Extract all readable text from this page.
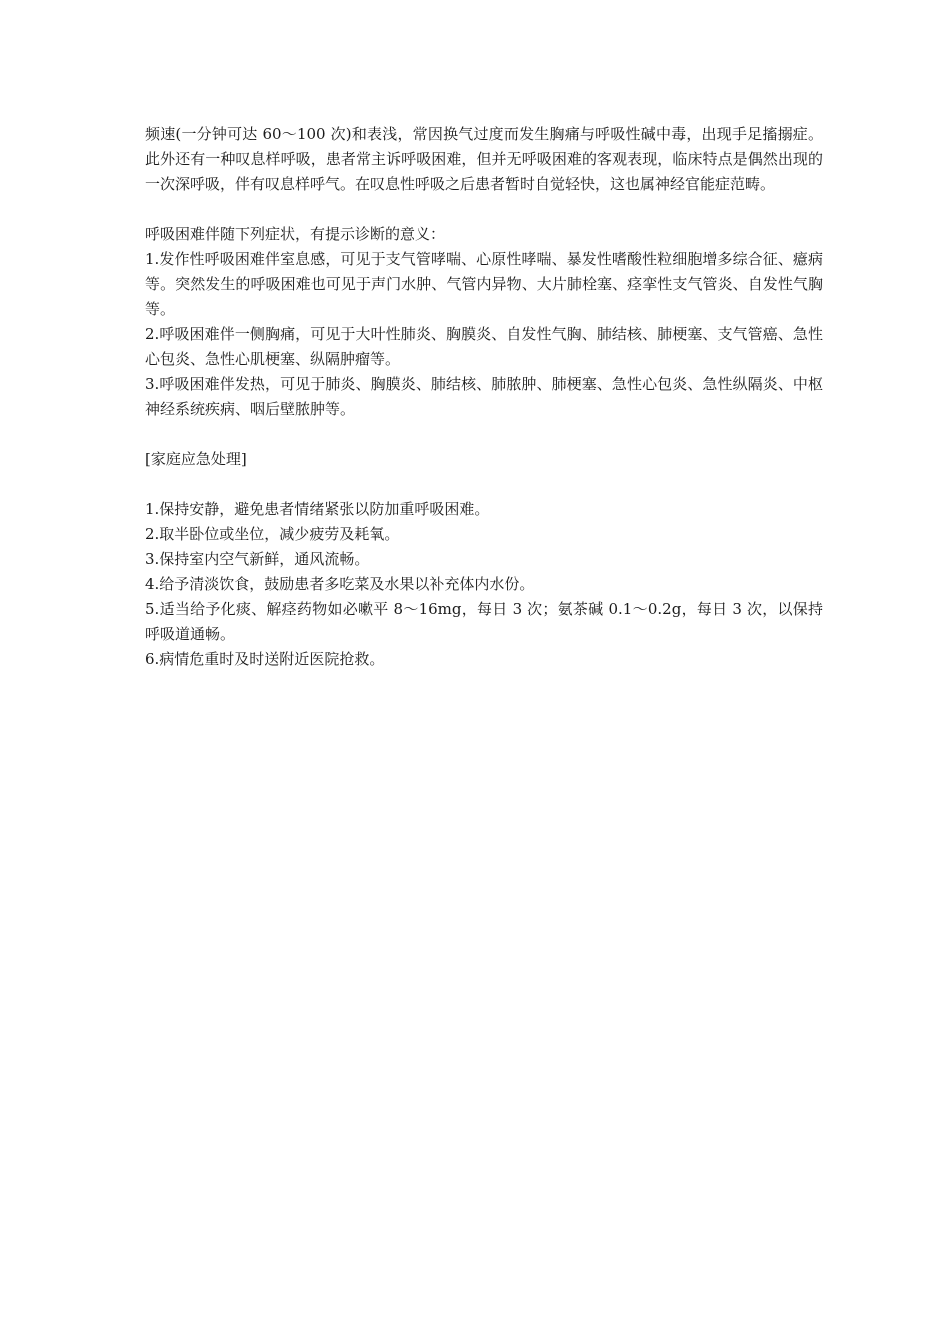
频速(一分钟可达 60～100 次)和表浅，常因换气过度而发生胸痛与呼吸性碱中毒，出现手足搐搦症。此外还有一种叹息样呼吸，患者常主诉呼吸困难，但并无呼吸困难的客观表现，临床特点是偶然出现的一次深呼吸，伴有叹息样呼气。在叹息性呼吸之后患者暂时自觉轻快，这也属神经官能症范畴。

呼吸困难伴随下列症状，有提示诊断的意义：

1.发作性呼吸困难伴室息感，可见于支气管哮喘、心原性哮喘、暴发性嗜酸性粒细胞增多综合征、癔病等。突然发生的呼吸困难也可见于声门水肿、气管内异物、大片肺栓塞、痉挛性支气管炎、自发性气胸等。

2.呼吸困难伴一侧胸痛，可见于大叶性肺炎、胸膜炎、自发性气胸、肺结核、肺梗塞、支气管癌、急性心包炎、急性心肌梗塞、纵隔肿瘤等。

3.呼吸困难伴发热，可见于肺炎、胸膜炎、肺结核、肺脓肿、肺梗塞、急性心包炎、急性纵隔炎、中枢神经系统疾病、咽后壁脓肿等。

[家庭应急处理]

1.保持安静，避免患者情绪紧张以防加重呼吸困难。

2.取半卧位或坐位，减少疲劳及耗氧。

3.保持室内空气新鲜，通风流畅。

4.给予清淡饮食，鼓励患者多吃菜及水果以补充体内水份。

5.适当给予化痰、解痉药物如必嗽平 8～16mg，每日 3 次；氨茶碱 0.1～0.2g，每日 3 次，以保持呼吸道通畅。

6.病情危重时及时送附近医院抢救。
